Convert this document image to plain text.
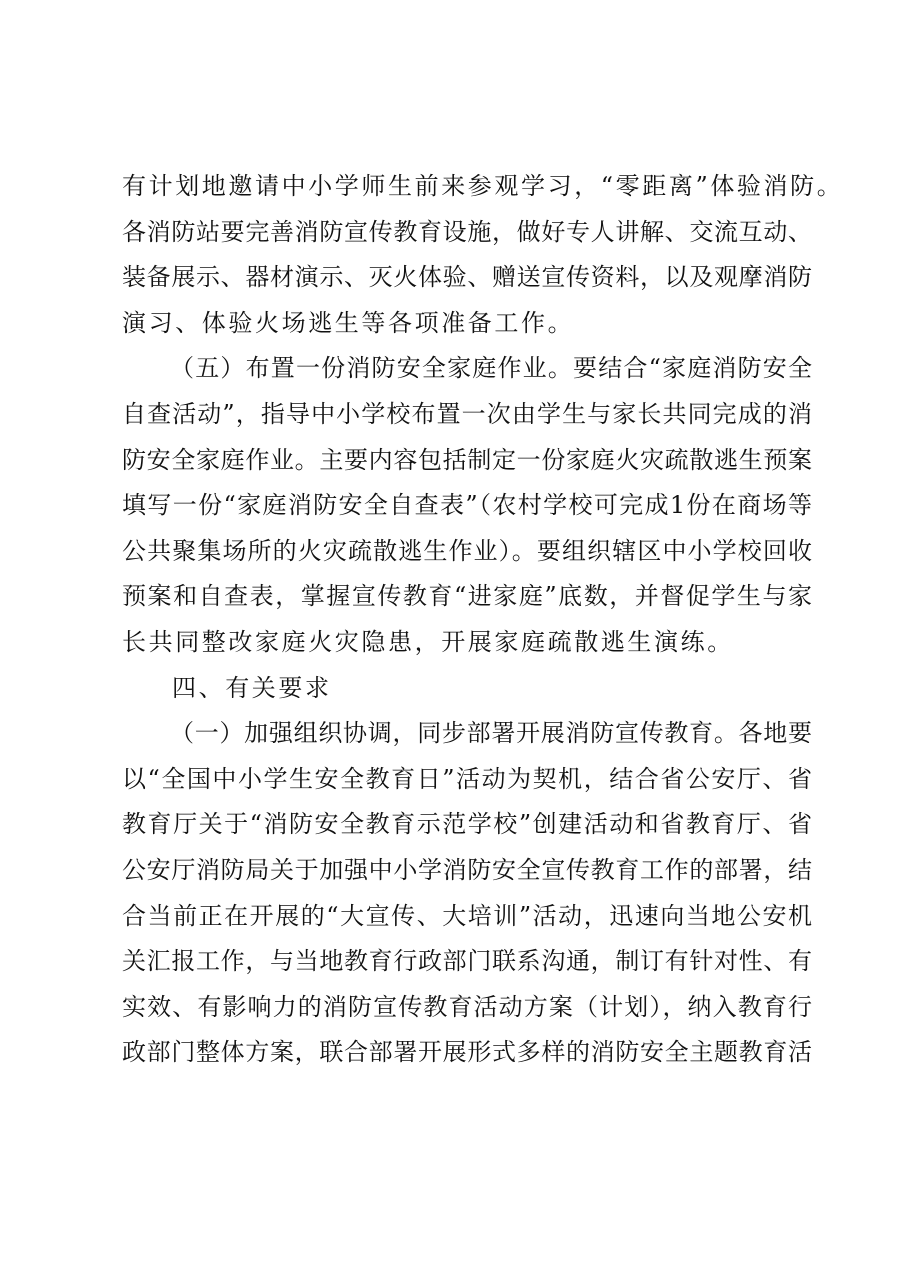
有计划地邀请中小学师生前来参观学习，“零距离”体验消防。
各消防站要完善消防宣传教育设施，做好专人讲解、交流互动、
装备展示、器材演示、灭火体验、赠送宣传资料，以及观摩消防
演习、体验火场逃生等各项准备工作。
（五）布置一份消防安全家庭作业。要结合“家庭消防安全
自查活动”，指导中小学校布置一次由学生与家长共同完成的消
防安全家庭作业。主要内容包括制定一份家庭火灾疏散逃生预案
填写一份“家庭消防安全自查表”（农村学校可完成1份在商场等
公共聚集场所的火灾疏散逃生作业）。要组织辖区中小学校回收
预案和自查表，掌握宣传教育“进家庭”底数，并督促学生与家
长共同整改家庭火灾隐患，开展家庭疏散逃生演练。
四、有关要求
（一）加强组织协调，同步部署开展消防宣传教育。各地要
以“全国中小学生安全教育日”活动为契机，结合省公安厅、省
教育厅关于“消防安全教育示范学校”创建活动和省教育厅、省
公安厅消防局关于加强中小学消防安全宣传教育工作的部署，结
合当前正在开展的“大宣传、大培训”活动，迅速向当地公安机
关汇报工作，与当地教育行政部门联系沟通，制订有针对性、有
实效、有影响力的消防宣传教育活动方案（计划），纳入教育行
政部门整体方案，联合部署开展形式多样的消防安全主题教育活
